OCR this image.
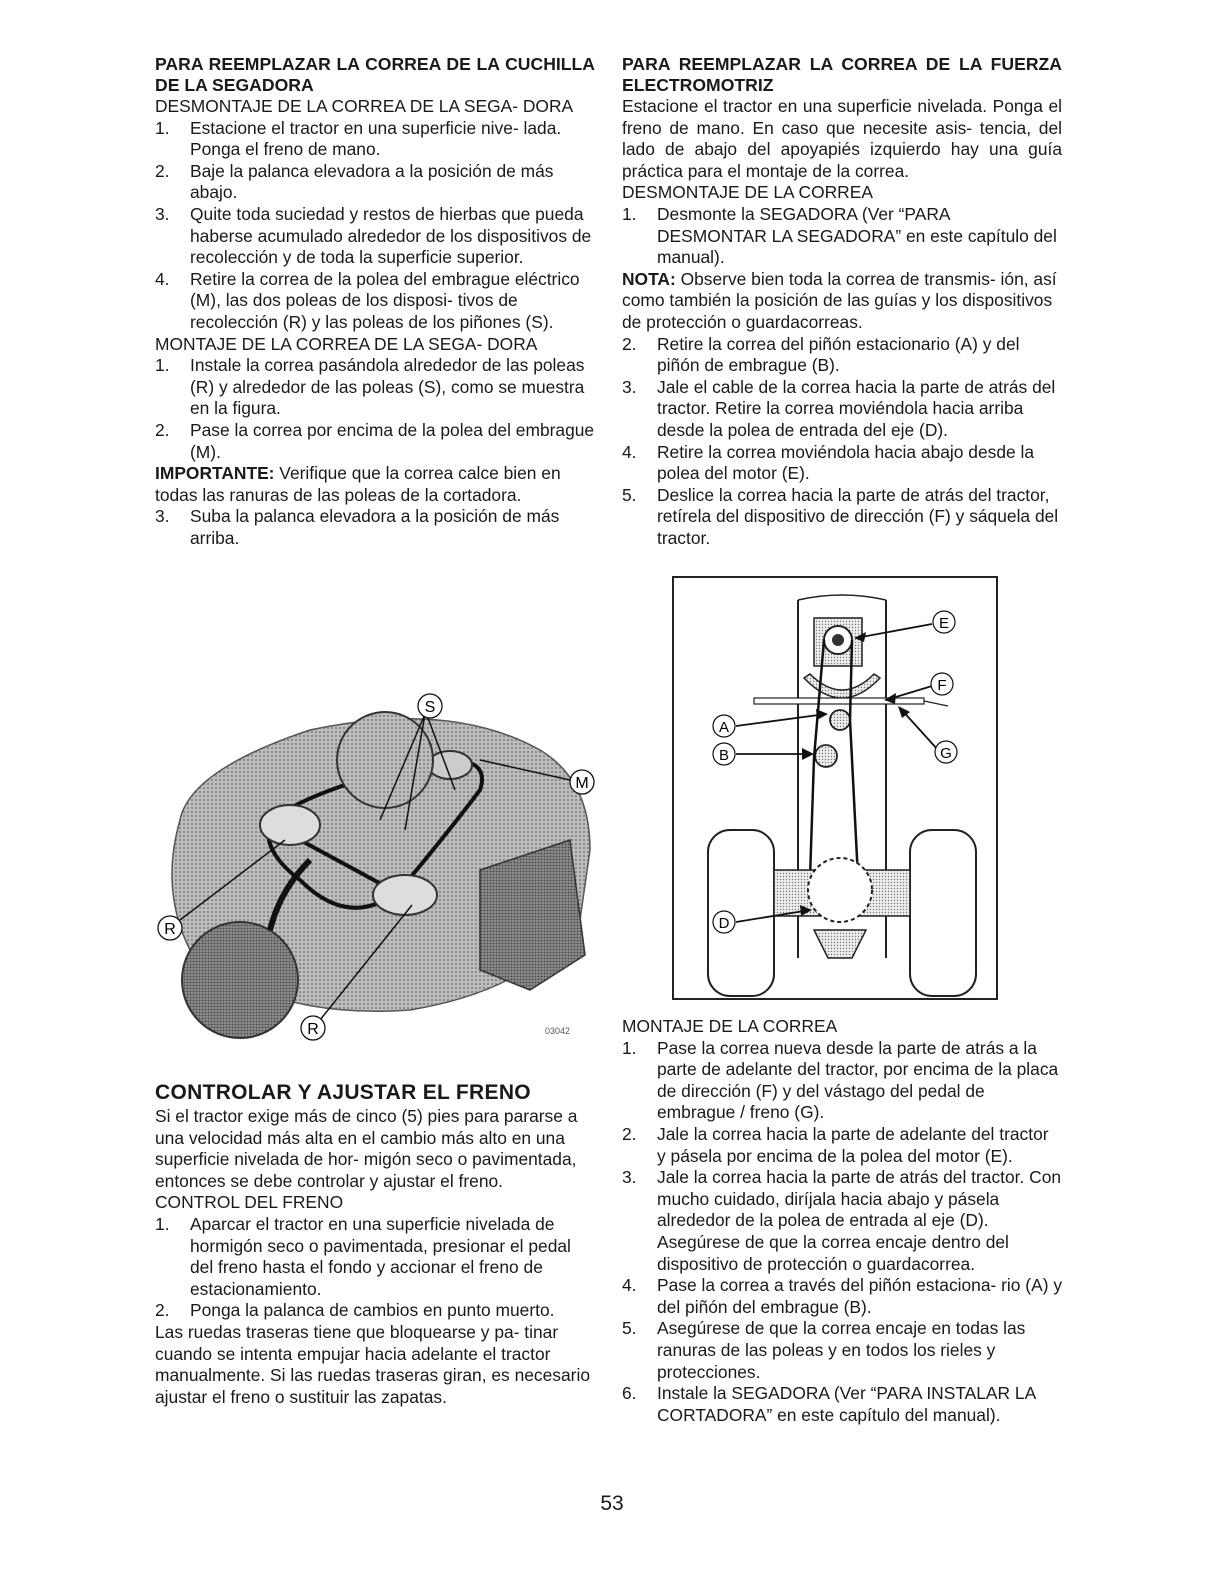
PARA REEMPLAZAR LA CORREA DE LA CUCHILLA DE LA SEGADORA

DESMONTAJE DE LA CORREA DE LA SEGA- DORA

1. Estacione el tractor en una superficie nive- lada. Ponga el freno de mano.
2. Baje la palanca elevadora a la posición de más abajo.
3. Quite toda suciedad y restos de hierbas que pueda haberse acumulado alrededor de los dispositivos de recolección y de toda la superficie superior.
4. Retire la correa de la polea del embrague eléctrico (M), las dos poleas de los disposi- tivos de recolección (R) y las poleas de los piñones (S).

MONTAJE DE LA CORREA DE LA SEGA- DORA

1. Instale la correa pasándola alrededor de las poleas (R) y alrededor de las poleas (S), como se muestra en la figura.
2. Pase la correa por encima de la polea del embrague (M).

IMPORTANTE: Verifique que la correa calce bien en todas las ranuras de las poleas de la cortadora.

3. Suba la palanca elevadora a la posición de más arriba.
S
M
R
R	03042

CONTROLAR Y AJUSTAR EL FRENO

Si el tractor exige más de cinco (5) pies para pararse a una velocidad más alta en el cambio más alto en una superficie nivelada de hor- migón seco o pavimentada, entonces se debe controlar y ajustar el freno.

CONTROL DEL FRENO

1. Aparcar el tractor en una superficie nivelada de hormigón seco o pavimentada, presionar el pedal del freno hasta el fondo y accionar el freno de estacionamiento.
2. Ponga la palanca de cambios en punto muerto.

Las ruedas traseras tiene que bloquearse y pa- tinar cuando se intenta empujar hacia adelante el tractor manualmente. Si las ruedas traseras giran, es necesario ajustar el freno o sustituir las zapatas.

PARA REEMPLAZAR LA CORREA DE LA FUERZA ELECTROMOTRIZ

Estacione el tractor en una superficie nivelada. Ponga el freno de mano. En caso que necesite asis- tencia, del lado de abajo del apoyapiés izquierdo hay una guía práctica para el montaje de la correa.

DESMONTAJE DE LA CORREA

1. Desmonte la SEGADORA (Ver “PARA DESMONTAR LA SEGADORA” en este capítulo del manual).

NOTA: Observe bien toda la correa de transmis- ión, así como también la posición de las guías y los dispositivos de protección o guardacorreas.

2. Retire la correa del piñón estacionario (A) y del piñón de embrague (B).
3. Jale el cable de la correa hacia la parte de atrás del tractor. Retire la correa moviéndola hacia arriba desde la polea de entrada del eje (D).
4. Retire la correa moviéndola hacia abajo desde la polea del motor (E).
5. Deslice la correa hacia la parte de atrás del tractor, retírela del dispositivo de dirección (F) y sáquela del tractor.
E
F
A
B	G
D

MONTAJE DE LA CORREA

1. Pase la correa nueva desde la parte de atrás a la parte de adelante del tractor, por encima de la placa de dirección (F) y del vástago del pedal de embrague / freno (G).
2. Jale la correa hacia la parte de adelante del tractor y pásela por encima de la polea del motor (E).
3. Jale la correa hacia la parte de atrás del tractor. Con mucho cuidado, diríjala hacia abajo y pásela alrededor de la polea de entrada al eje (D). Asegúrese de que la correa encaje dentro del dispositivo de protección o guardacorrea.
4. Pase la correa a través del piñón estaciona- rio (A) y del piñón del embrague (B).
5. Asegúrese de que la correa encaje en todas las ranuras de las poleas y en todos los rieles y protecciones.
6. Instale la SEGADORA (Ver “PARA INSTALAR LA CORTADORA” en este capítulo del manual).
53
